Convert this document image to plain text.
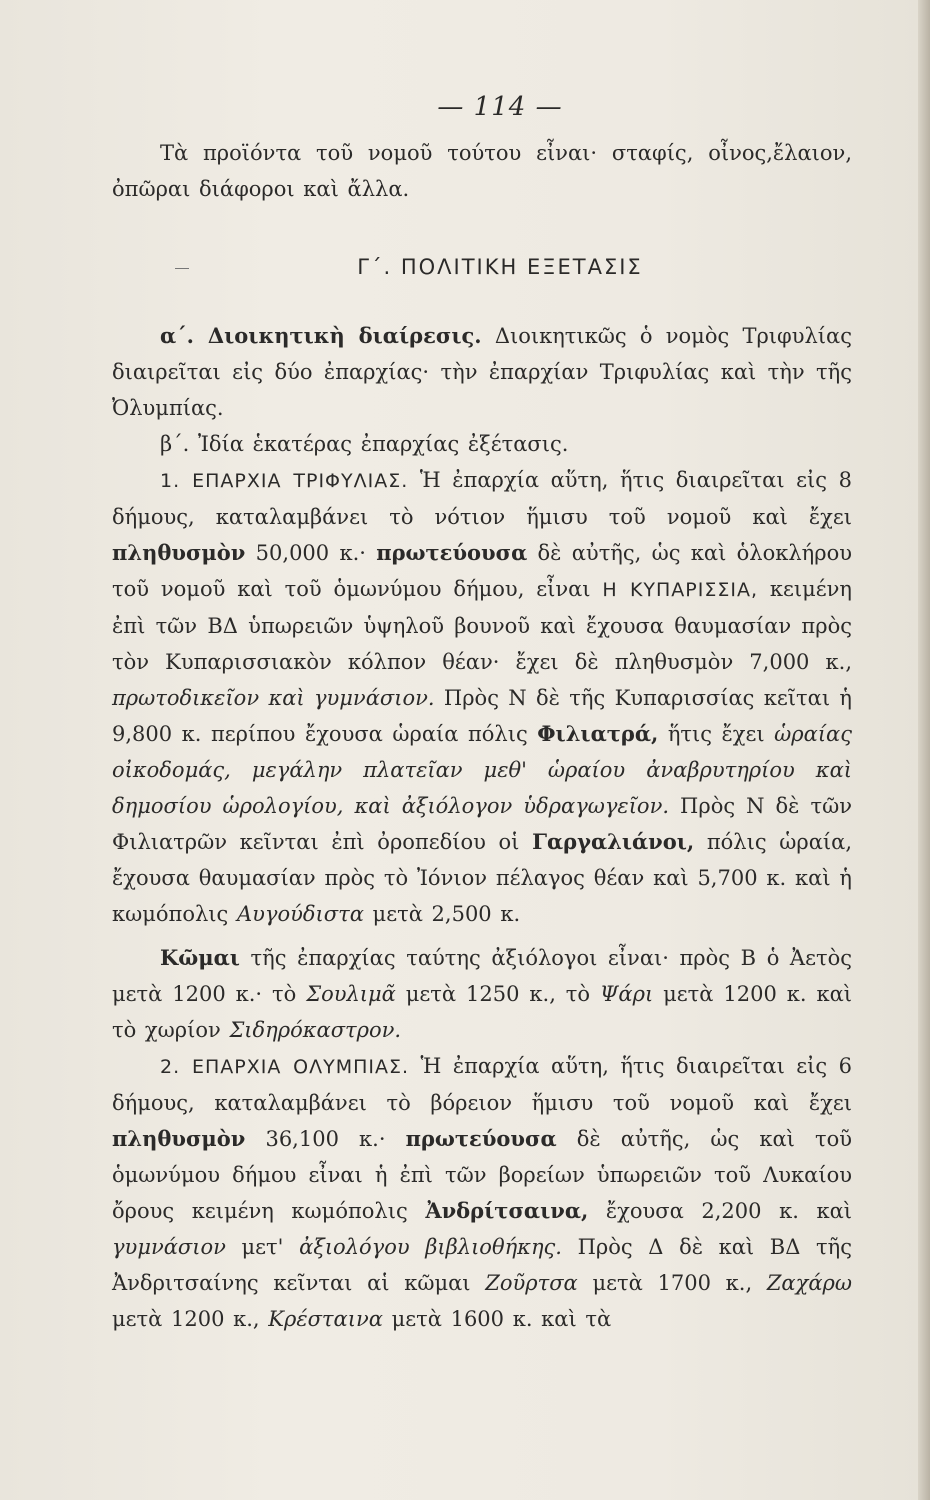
— 114 —

Τὰ προϊόντα τοῦ νομοῦ τούτου εἶναι· σταφίς, οἶνος,ἔλαιον, ὀπῶραι διάφοροι καὶ ἄλλα.

Γ΄. ΠΟΛΙΤΙΚΗ ΕΞΕΤΑΣΙΣ

α΄. Διοικητικὴ διαίρεσις. Διοικητικῶς ὁ νομὸς Τριφυλίας διαιρεῖται εἰς δύο ἐπαρχίας· τὴν ἐπαρχίαν Τριφυλίας καὶ τὴν τῆς Ὀλυμπίας.

β΄. Ἰδία ἑκατέρας ἐπαρχίας ἐξέτασις.

1. ΕΠΑΡΧΙΑ ΤΡΙΦΥΛΙΑΣ. Ἡ ἐπαρχία αὕτη, ἥτις διαιρεῖται εἰς 8 δήμους, καταλαμβάνει τὸ νότιον ἥμισυ τοῦ νομοῦ καὶ ἔχει πληθυσμὸν 50,000 κ.· πρωτεύουσα δὲ αὐτῆς, ὡς καὶ ὁλοκλήρου τοῦ νομοῦ καὶ τοῦ ὁμωνύμου δήμου, εἶναι Η ΚΥΠΑΡΙΣΣΙΑ, κειμένη ἐπὶ τῶν ΒΔ ὑπωρειῶν ὑψηλοῦ βουνοῦ καὶ ἔχουσα θαυμασίαν πρὸς τὸν Κυπαρισσιακὸν κόλπον θέαν· ἔχει δὲ πληθυσμὸν 7,000 κ., πρωτοδικεῖον καὶ γυμνάσιον. Πρὸς Ν δὲ τῆς Κυπαρισσίας κεῖται ἡ 9,800 κ. περίπου ἔχουσα ὡραία πόλις Φιλιατρά, ἥτις ἔχει ὡραίας οἰκοδομάς, μεγάλην πλατεῖαν μεθ' ὡραίου ἀναβρυτηρίου καὶ δημοσίου ὡρολογίου, καὶ ἀξιόλογον ὑδραγωγεῖον. Πρὸς Ν δὲ τῶν Φιλιατρῶν κεῖνται ἐπὶ ὀροπεδίου οἱ Γαργαλιάνοι, πόλις ὡραία, ἔχουσα θαυμασίαν πρὸς τὸ Ἰόνιον πέλαγος θέαν καὶ 5,700 κ. καὶ ἡ κωμόπολις Αυγούδιστα μετὰ 2,500 κ.

Κῶμαι τῆς ἐπαρχίας ταύτης ἀξιόλογοι εἶναι· πρὸς Β ὁ Ἀετὸς μετὰ 1200 κ.· τὸ Σουλιμᾶ μετὰ 1250 κ., τὸ Ψάρι μετὰ 1200 κ. καὶ τὸ χωρίον Σιδηρόκαστρον.

2. ΕΠΑΡΧΙΑ ΟΛΥΜΠΙΑΣ. Ἡ ἐπαρχία αὕτη, ἥτις διαιρεῖται εἰς 6 δήμους, καταλαμβάνει τὸ βόρειον ἥμισυ τοῦ νομοῦ καὶ ἔχει πληθυσμὸν 36,100 κ.· πρωτεύουσα δὲ αὐτῆς, ὡς καὶ τοῦ ὁμωνύμου δήμου εἶναι ἡ ἐπὶ τῶν βορείων ὑπωρειῶν τοῦ Λυκαίου ὄρους κειμένη κωμόπολις Ἀνδρίτσαινα, ἔχουσα 2,200 κ. καὶ γυμνάσιον μετ' ἀξιολόγου βιβλιοθήκης. Πρὸς Δ δὲ καὶ ΒΔ τῆς Ἀνδριτσαίνης κεῖνται αἱ κῶμαι Ζοῦρτσα μετὰ 1700 κ., Ζαχάρω μετὰ 1200 κ., Κρέσταινα μετὰ 1600 κ. καὶ τὰ
